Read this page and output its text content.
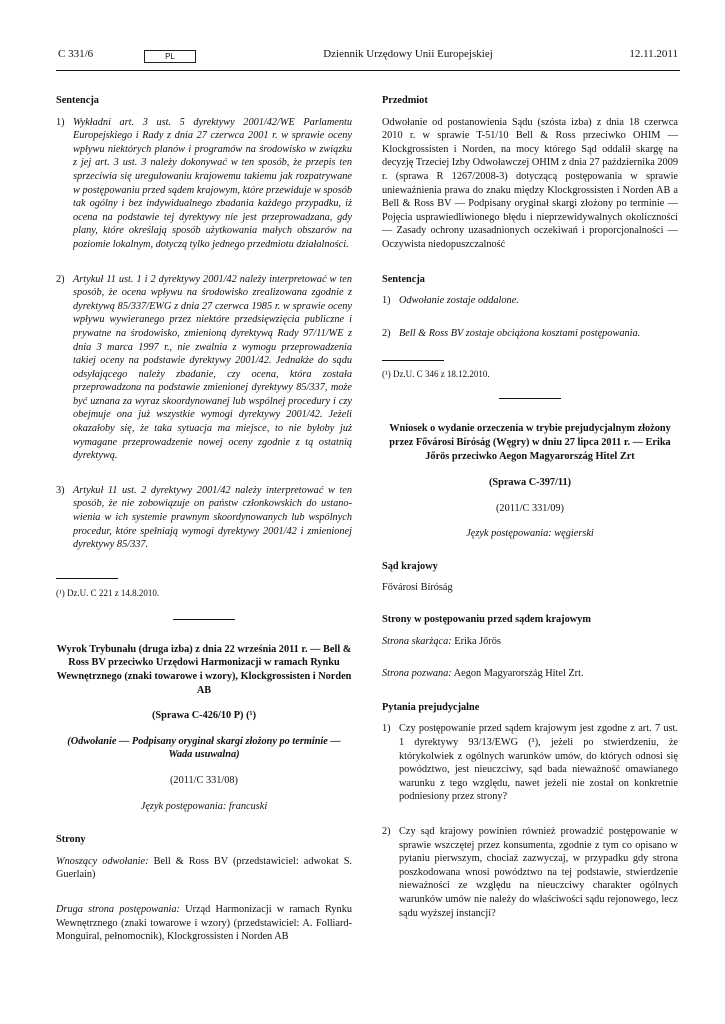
C 331/6	PL	Dziennik Urzędowy Unii Europejskiej	12.11.2011

Sentencja

1) Wykładni art. 3 ust. 5 dyrektywy 2001/42/WE Parlamentu Europejskiego i Rady z dnia 27 czerwca 2001 r. w sprawie oceny wpływu niektórych planów i programów na środowisko w związku z jej art. 3 ust. 3 należy dokonywać w ten sposób, że przepis ten sprzeciwia się uregulowaniu krajowemu takiemu jak rozpatrywane w postępowaniu przed sądem krajowym, które przewiduje w sposób tak ogólny i bez indywidualnego zbadania każdego przypadku, iż ocena na podstawie tej dyrektywy nie jest przeprowadzana, gdy plany, które określają sposób użytkowania małych obszarów na poziomie lokalnym, dotyczą tylko jednego przedmiotu działalności.
2) Artykuł 11 ust. 1 i 2 dyrektywy 2001/42 należy interpretować w ten sposób, że ocena wpływu na środowisko zrealizowana zgodnie z dyrektywą 85/337/EWG z dnia 27 czerwca 1985 r. w sprawie oceny wpływu wywieranego przez niektóre przedsięwzięcia publiczne i prywatne na środowisko, zmienioną dyrektywą Rady 97/11/WE z dnia 3 marca 1997 r., nie zwalnia z wymogu przeprowadzenia takiej oceny na podstawie dyrektywy 2001/42. Jednakże do sądu odsyłającego należy zbadanie, czy ocena, która została przeprowadzona na podstawie zmienionej dyrektywy 85/337, może być uznana za wyraz skoordynowanej lub wspólnej procedury i czy obejmuje ona już wszystkie wymogi dyrektywy 2001/42. Jeżeli okazałoby się, że taka sytuacja ma miejsce, to nie byłoby już wymagane przeprowadzenie nowej oceny zgodnie z tą ostatnią dyrektywą.
3) Artykuł 11 ust. 2 dyrektywy 2001/42 należy interpretować w ten sposób, że nie zobowiązuje on państw członkowskich do ustanowienia w ich systemie prawnym skoordynowanych lub wspólnych procedur, które spełniają wymogi dyrektywy 2001/42 i zmienionej dyrektywy 85/337.

(¹) Dz.U. C 221 z 14.8.2010.

Wyrok Trybunału (druga izba) z dnia 22 września 2011 r. — Bell & Ross BV przeciwko Urzędowi Harmonizacji w ramach Rynku Wewnętrznego (znaki towarowe i wzory), Klockgrossisten i Norden AB

(Sprawa C-426/10 P) (¹)

(Odwołanie — Podpisany oryginał skargi złożony po terminie — Wada usuwalna)

(2011/C 331/08)

Język postępowania: francuski

Strony

Wnoszący odwołanie: Bell & Ross BV (przedstawiciel: adwokat S. Guerlain)

Druga strona postępowania: Urząd Harmonizacji w ramach Rynku Wewnętrznego (znaki towarowe i wzory) (przedstawiciel: A. Folliard-Monguiral, pełnomocnik), Klockgrossisten i Norden AB

Przedmiot

Odwołanie od postanowienia Sądu (szósta izba) z dnia 18 czerwca 2010 r. w sprawie T-51/10 Bell & Ross przeciwko OHIM — Klockgrossisten i Norden, na mocy którego Sąd oddalił skargę na decyzję Trzeciej Izby Odwoławczej OHIM z dnia 27 października 2009 r. (sprawa R 1267/2008-3) dotyczącą postępowania w sprawie unieważnienia prawa do znaku między Klockgrossisten i Norden AB a Bell & Ross BV — Podpisany oryginał skargi złożony po terminie — Pojęcia usprawiedliwionego błędu i nieprzewidywalnych okoliczności — Zasady ochrony uzasadnionych oczekiwań i proporcjonalności — Oczywista niedopuszczalność

Sentencja

1) Odwołanie zostaje oddalone.
2) Bell & Ross BV zostaje obciążona kosztami postępowania.

(¹) Dz.U. C 346 z 18.12.2010.

Wniosek o wydanie orzeczenia w trybie prejudycjalnym złożony przez Fővárosi Bíróság (Węgry) w dniu 27 lipca 2011 r. — Erika Jőrös przeciwko Aegon Magyarország Hitel Zrt

(Sprawa C-397/11)

(2011/C 331/09)

Język postępowania: węgierski

Sąd krajowy

Fővárosi Bíróság

Strony w postępowaniu przed sądem krajowym

Strona skarżąca: Erika Jőrös

Strona pozwana: Aegon Magyarország Hitel Zrt.

Pytania prejudycjalne

1) Czy postępowanie przed sądem krajowym jest zgodne z art. 7 ust. 1 dyrektywy 93/13/EWG (¹), jeżeli po stwierdzeniu, że którykolwiek z ogólnych warunków umów, do których odnosi się powództwo, jest nieuczciwy, sąd bada nieważność omawianego warunku z tego względu, nawet jeżeli nie został on konkretnie podniesiony przez strony?
2) Czy sąd krajowy powinien również prowadzić postępowanie w sprawie wszczętej przez konsumenta, zgodnie z tym co opisano w pytaniu pierwszym, chociaż zazwyczaj, w przypadku gdy strona poszkodowana wnosi powództwo na tej podstawie, stwierdzenie nieważności ze względu na nieuczciwy charakter ogólnych warunków umów nie należy do właściwości sądu rejonowego, lecz sądu wyższej instancji?
